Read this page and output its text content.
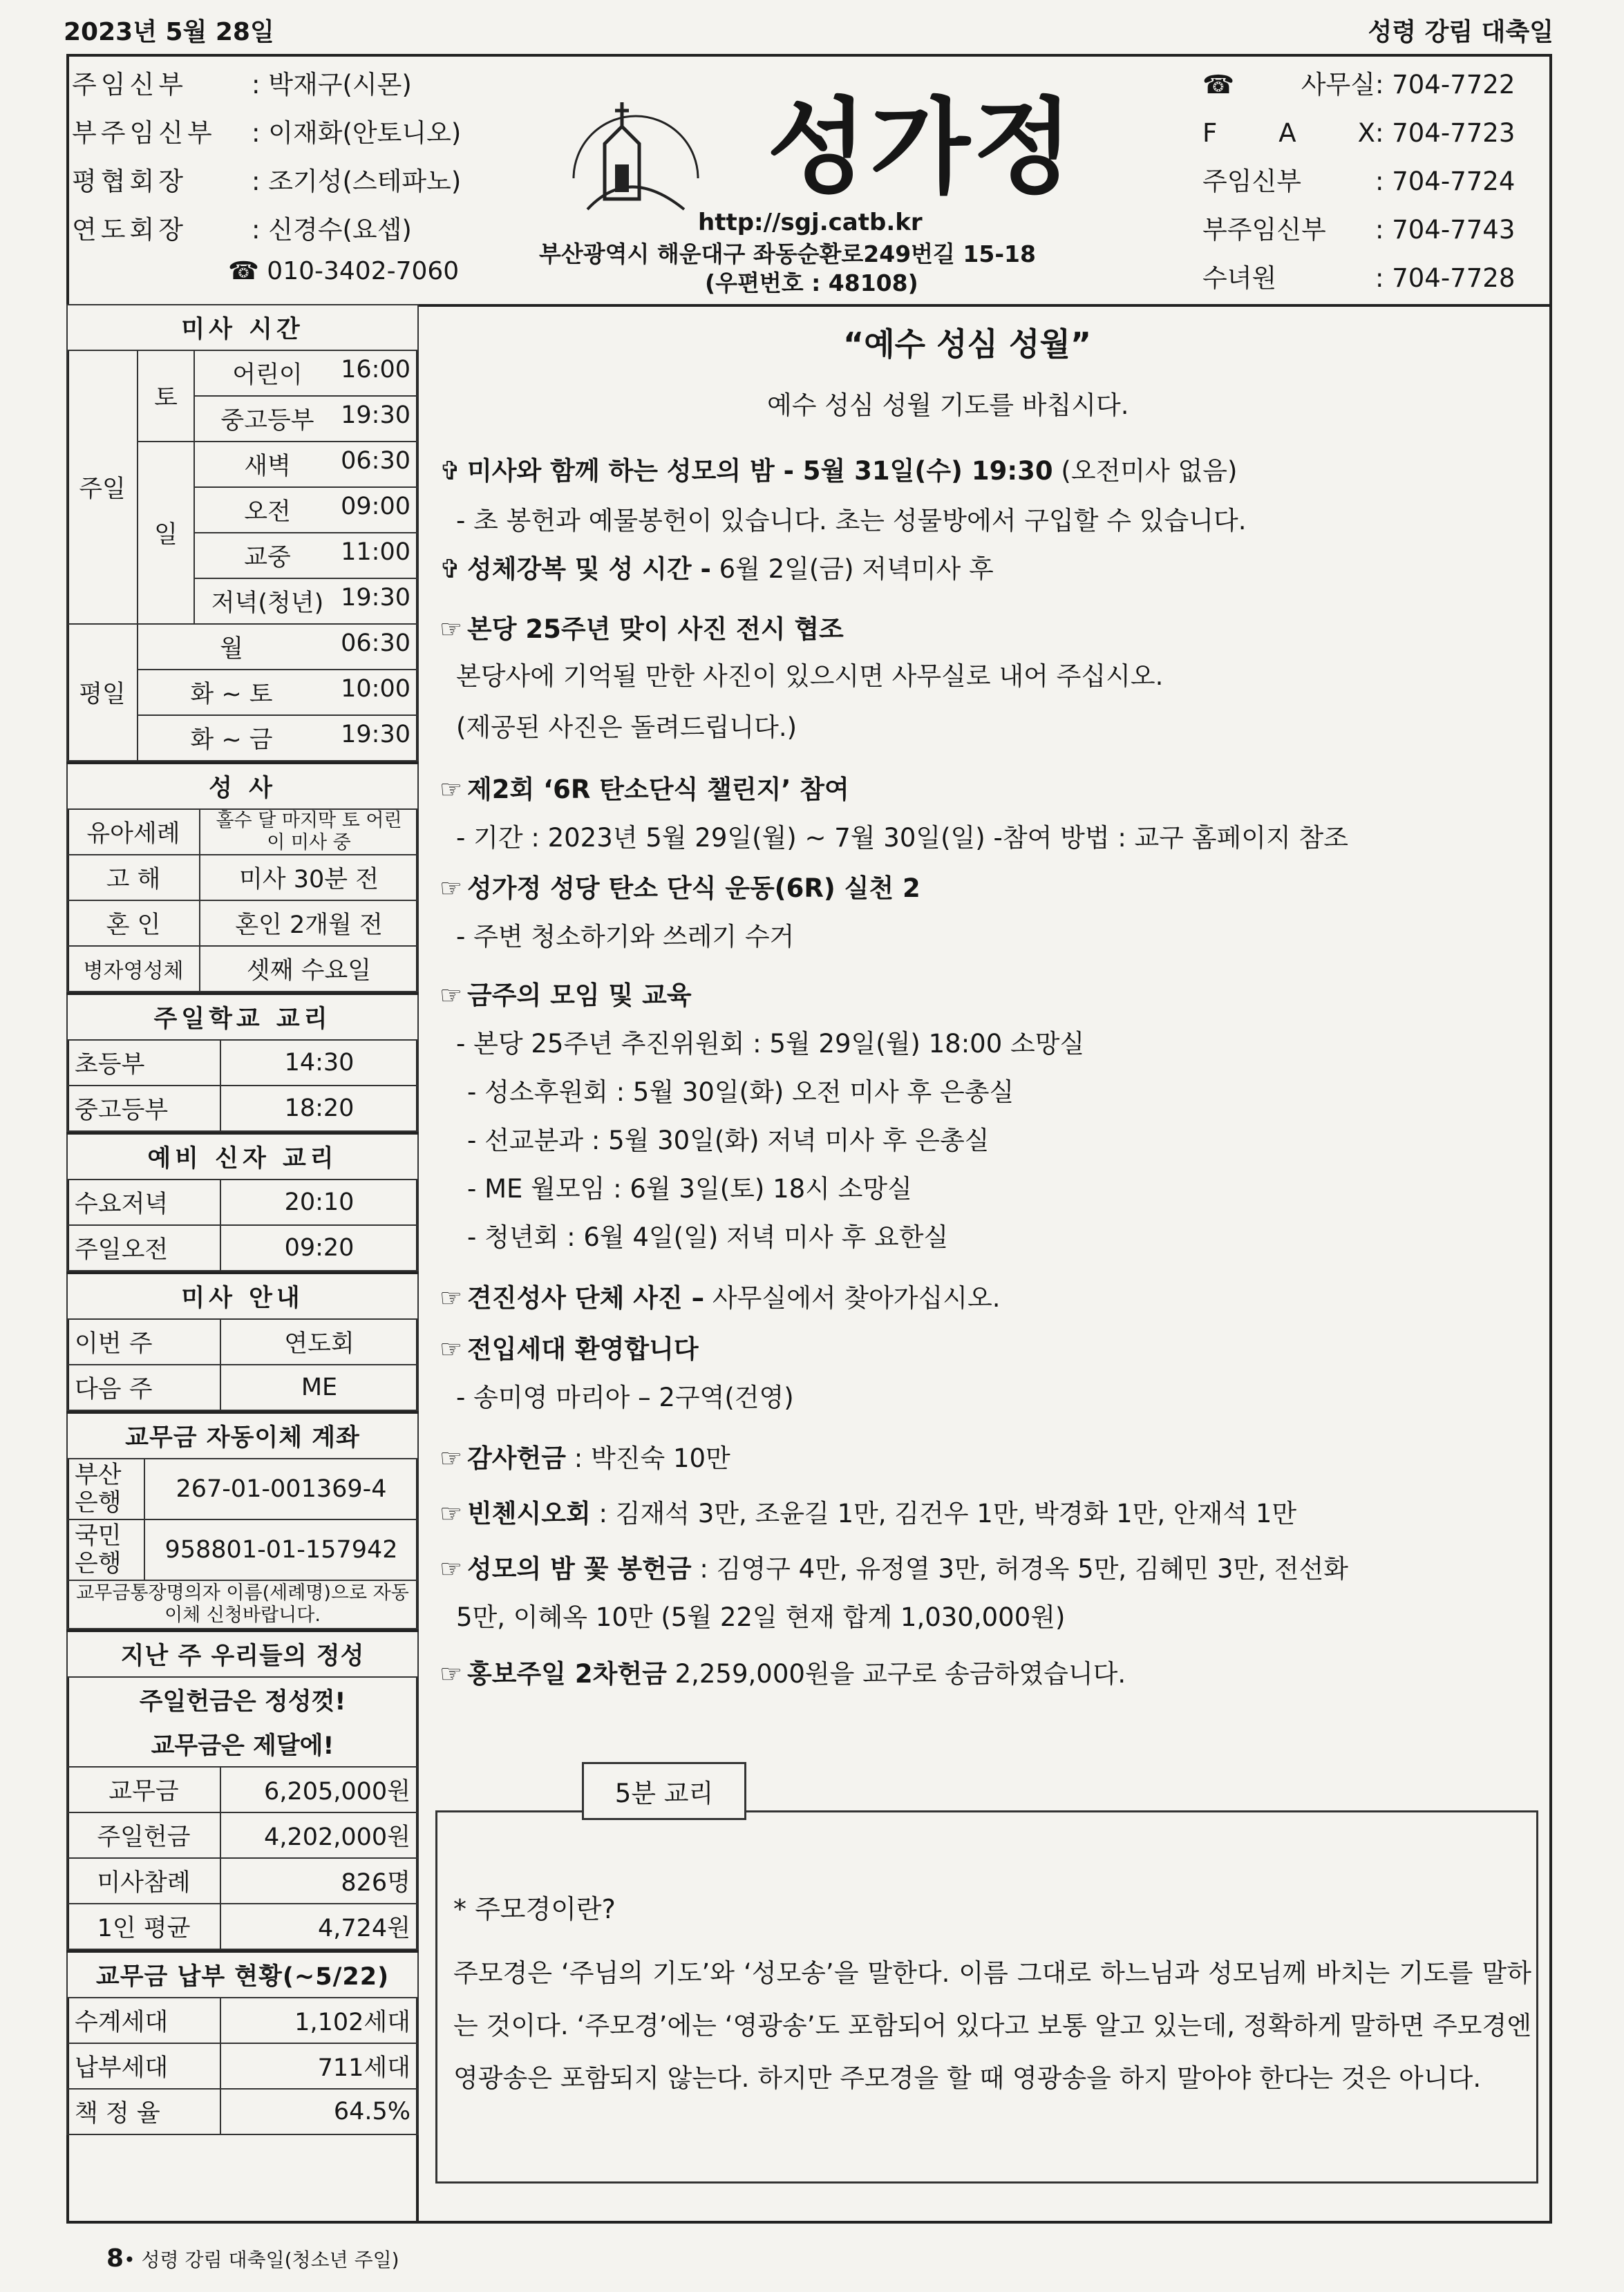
2023년 5월 28일	성령 강림 대축일
주임신부	: 박재구(시몬)
부주임신부 : 이재화(안토니오)
평협회장	: 조기성(스테파노)
연도회장	: 신경수(요셉)
☎ 010-3402-7060
성가정
http://sgj.catb.kr
부산광역시 해운대구 좌동순환로249번길 15-18
(우편번호 : 48108)
☎ 사무실: 704-7722
F A X: 704-7723
주임신부	: 704-7724
부주임신부 : 704-7743
수녀원	: 704-7728
미사 시간		
주일	토	어린이 16:00

		중고등부 19:30

	일	새벽 06:30

		오전 09:00

		교중 11:00

		저녁(청년) 19:30

평일	월 06:30	

	화 ~ 토 10:00	

	화 ~ 금 19:30	
성 사	
유아세례	홀수 달 마지막 토 어린이 미사 중
고 해	미사 30분 전
혼 인	혼인 2개월 전
병자영성체	셋째 수요일
주일학교 교리	
초등부	14:30
중고등부	18:20
예비 신자 교리	
수요저녁	20:10
주일오전	09:20
미사 안내	
이번 주	연도회
다음 주	ME
교무금 자동이체 계좌	
부산
은행	267-01-001369-4
국민
은행	958801-01-157942
교무금통장명의자 이름(세례명)으로 자동이체 신청바랍니다.	
지난 주 우리들의 정성	
주일헌금은 정성껏!	
교무금은 제달에!	
교무금	6,205,000원
주일헌금	4,202,000원
미사참례	826명
1인 평균	4,724원
교무금 납부 현황(~5/22)	
수계세대	1,102세대
납부세대	711세대
책 정 율	64.5%
“예수 성심 성월”
예수 성심 성월 기도를 바칩시다.
✞ 미사와 함께 하는 성모의 밤 - 5월 31일(수) 19:30 (오전미사 없음)
- 초 봉헌과 예물봉헌이 있습니다. 초는 성물방에서 구입할 수 있습니다.
✞ 성체강복 및 성 시간 - 6월 2일(금) 저녁미사 후
☞ 본당 25주년 맞이 사진 전시 협조
본당사에 기억될 만한 사진이 있으시면 사무실로 내어 주십시오.
(제공된 사진은 돌려드립니다.)
☞ 제2회 ‘6R 탄소단식 챌린지’ 참여
- 기간 : 2023년 5월 29일(월) ~ 7월 30일(일) -참여 방법 : 교구 홈페이지 참조
☞ 성가정 성당 탄소 단식 운동(6R) 실천 2
- 주변 청소하기와 쓰레기 수거
☞ 금주의 모임 및 교육
- 본당 25주년 추진위원회 : 5월 29일(월) 18:00 소망실
- 성소후원회 : 5월 30일(화) 오전 미사 후 은총실
- 선교분과 : 5월 30일(화) 저녁 미사 후 은총실
- ME 월모임 : 6월 3일(토) 18시 소망실
- 청년회 : 6월 4일(일) 저녁 미사 후 요한실
☞ 견진성사 단체 사진 – 사무실에서 찾아가십시오.
☞ 전입세대 환영합니다
- 송미영 마리아 – 2구역(건영)
☞ 감사헌금 : 박진숙 10만
☞ 빈첸시오회 : 김재석 3만, 조윤길 1만, 김건우 1만, 박경화 1만, 안재석 1만
☞ 성모의 밤 꽃 봉헌금 : 김영구 4만, 유정열 3만, 허경옥 5만, 김혜민 3만, 전선화
5만, 이혜옥 10만 (5월 22일 현재 합계 1,030,000원)
☞ 홍보주일 2차헌금 2,259,000원을 교구로 송금하였습니다.
5분 교리
* 주모경이란?
주모경은 ‘주님의 기도’와 ‘성모송’을 말한다. 이름 그대로 하느님과 성모님께 바치는 기도를 말하는 것이다. ‘주모경’에는 ‘영광송’도 포함되어 있다고 보통 알고 있는데, 정확하게 말하면 주모경엔 영광송은 포함되지 않는다. 하지만 주모경을 할 때 영광송을 하지 말아야 한다는 것은 아니다.
8• 성령 강림 대축일(청소년 주일)
